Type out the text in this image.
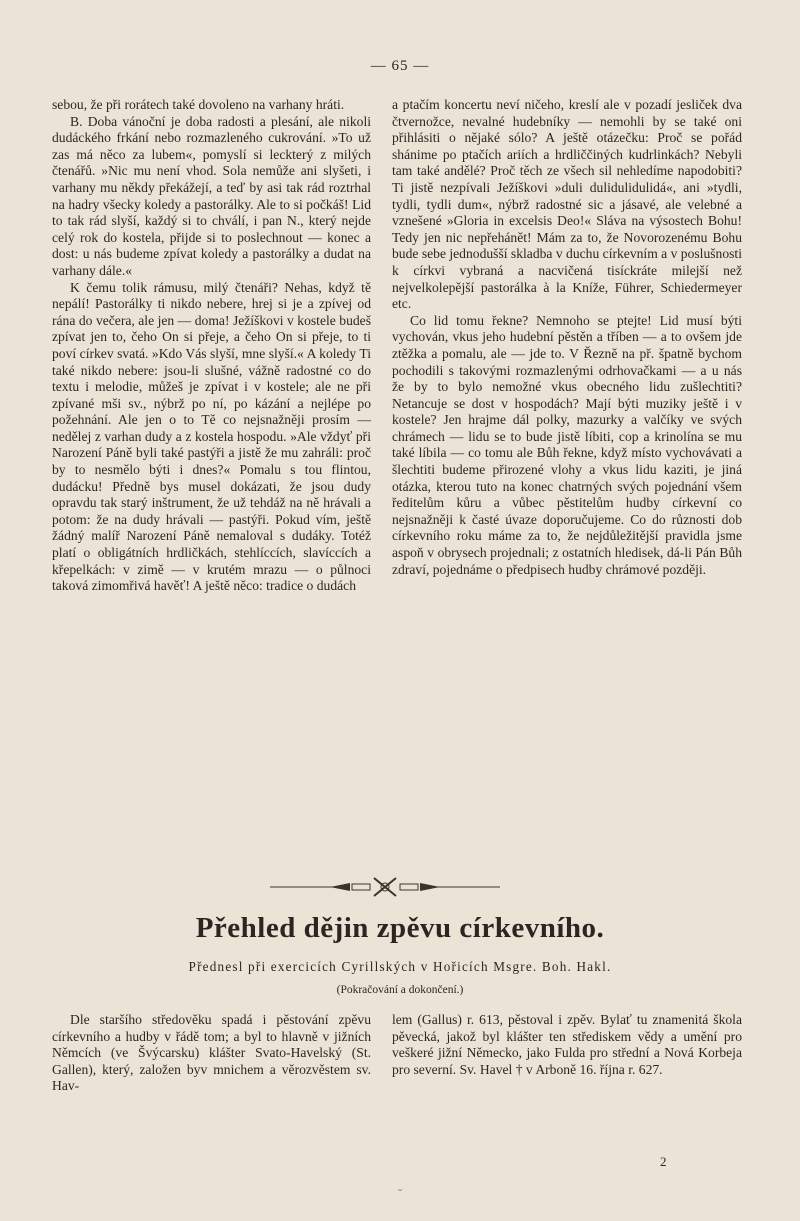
— 65 —

sebou, že při rorátech také dovoleno na varhany hráti.

B. Doba vánoční je doba radosti a plesání, ale nikoli dudáckého frkání nebo rozmazleného cukrování. »To už zas má něco za lubem«, pomyslí si leckterý z milých čtenářů. »Nic mu není vhod. Sola nemůže ani slyšeti, i varhany mu někdy překážejí, a teď by asi tak rád roztrhal na hadry všecky koledy a pastorálky. Ale to si počkáš! Lid to tak rád slyší, každý si to chválí, i pan N., který nejde celý rok do kostela, přijde si to poslechnout — konec a dost: u nás budeme zpívat koledy a pastorálky a dudat na varhany dále.«

K čemu tolik rámusu, milý čtenáři? Nehas, když tě nepálí! Pastorálky ti nikdo nebere, hrej si je a zpívej od rána do večera, ale jen — doma! Ježíškovi v kostele budeš zpívat jen to, čeho On si přeje, a čeho On si přeje, to ti poví církev svatá. »Kdo Vás slyší, mne slyší.« A koledy Ti také nikdo nebere: jsou-li slušné, vážně radostné co do textu i melodie, můžeš je zpívat i v kostele; ale ne při zpívané mši sv., nýbrž po ní, po kázání a nejlépe po požehnání. Ale jen o to Tě co nejsnažněji prosím — nedělej z varhan dudy a z kostela hospodu. »Ale vždyť při Narození Páně byli také pastýři a jistě že mu zahráli: proč by to nesmělo býti i dnes?« Pomalu s tou flintou, dudácku! Předně bys musel dokázati, že jsou dudy opravdu tak starý inštrument, že už tehdáž na ně hrávali a potom: že na dudy hrávali — pastýři. Pokud vím, ještě žádný malíř Narození Páně nemaloval s dudáky. Totéž platí o obligátních hrdličkách, stehlíccích, slavíccích a křepelkách: v zimě — v krutém mrazu — o půlnoci taková zimomřivá havěť! A ještě něco: tradice o dudách

a ptačím koncertu neví ničeho, kreslí ale v pozadí jesliček dva čtvernožce, nevalné hudebníky — nemohli by se také oni přihlásiti o nějaké sólo? A ještě otázečku: Proč se pořád shánime po ptačích ariích a hrdliččiných kudrlinkách? Nebyli tam také andělé? Proč těch ze všech sil nehledíme napodobiti? Ti jistě nezpívali Ježíškovi »duli dulidulidulidá«, ani »tydli, tydli, tydli dum«, nýbrž radostné sic a jásavé, ale velebné a vznešené »Gloria in excelsis Deo!« Sláva na výsostech Bohu! Tedy jen nic nepřehánět! Mám za to, že Novorozenému Bohu bude sebe jednodušší skladba v duchu církevním a v poslušnosti k církvi vybraná a nacvičená tisíckráte milejší než nejvelkolepější pastorálka à la Kníže, Führer, Schiedermeyer etc.

Co lid tomu řekne? Nemnoho se ptejte! Lid musí býti vychován, vkus jeho hudební pěstěn a tříben — a to ovšem jde ztěžka a pomalu, ale — jde to. V Řezně na př. špatně bychom pochodili s takovými rozmazlenými odrhovačkami — a u nás že by to bylo nemožné vkus obecného lidu zušlechtiti? Netancuje se dost v hospodách? Mají býti muziky ještě i v kostele? Jen hrajme dál polky, mazurky a valčíky ve svých chrámech — lidu se to bude jistě líbiti, cop a krinolína se mu také líbila — co tomu ale Bůh řekne, když místo vychovávati a šlechtiti budeme přirozené vlohy a vkus lidu kaziti, je jiná otázka, kterou tuto na konec chatrných svých pojednání všem ředitelům kůru a vůbec pěstitelům hudby církevní co nejsnažněji k časté úvaze doporučujeme. Co do různosti dob církevního roku máme za to, že nejdůležitější pravidla jsme aspoň v obrysech projednali; z ostatních hledisek, dá-li Pán Bůh zdraví, pojednáme o předpisech hudby chrámové později.

Přehled dějin zpěvu církevního.
Přednesl při exercicích Cyrillských v Hořicích Msgre. Boh. Hakl.
(Pokračování a dokončení.)

Dle staršího středověku spadá i pěstování zpěvu církevního a hudby v řádě tom; a byl to hlavně v jižních Němcích (ve Švýcarsku) klášter Svato-Havelský (St. Gallen), který, založen byv mnichem a věrozvěstem sv. Hav-

lem (Gallus) r. 613, pěstoval i zpěv. Bylať tu znamenitá škola pěvecká, jakož byl klášter ten střediskem vědy a umění pro veškeré jižní Německo, jako Fulda pro střední a Nová Korbeja pro severní. Sv. Havel † v Arboně 16. října r. 627.

2
ˇ
